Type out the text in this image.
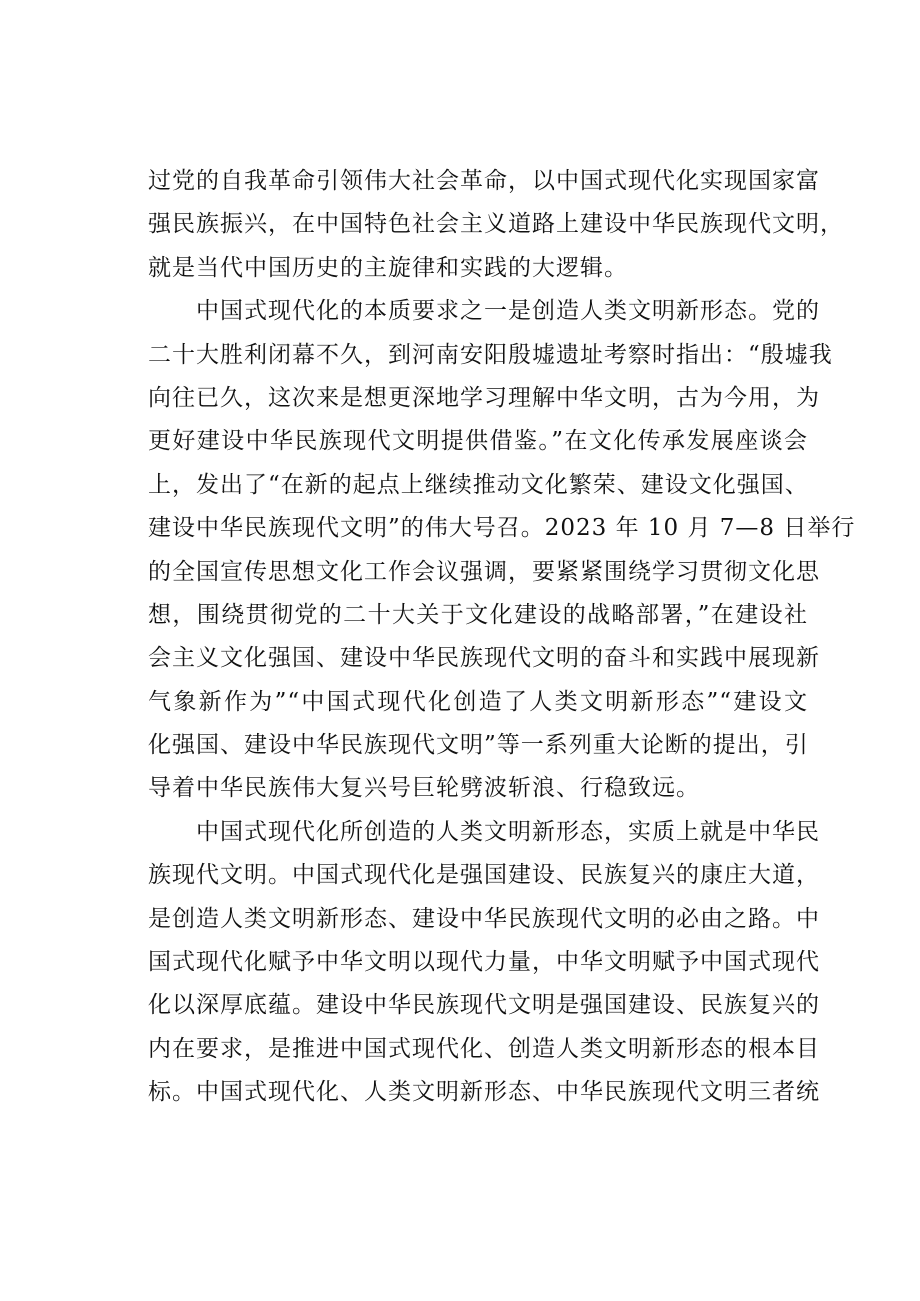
过党的自我革命引领伟大社会革命，以中国式现代化实现国家富
强民族振兴，在中国特色社会主义道路上建设中华民族现代文明，
就是当代中国历史的主旋律和实践的大逻辑。
　　中国式现代化的本质要求之一是创造人类文明新形态。党的
二十大胜利闭幕不久，到河南安阳殷墟遗址考察时指出：“殷墟我
向往已久，这次来是想更深地学习理解中华文明，古为今用，为
更好建设中华民族现代文明提供借鉴。”在文化传承发展座谈会
上，发出了“在新的起点上继续推动文化繁荣、建设文化强国、
建设中华民族现代文明”的伟大号召。2023 年 10 月 7—8 日举行
的全国宣传思想文化工作会议强调，要紧紧围绕学习贯彻文化思
想，围绕贯彻党的二十大关于文化建设的战略部署，”在建设社
会主义文化强国、建设中华民族现代文明的奋斗和实践中展现新
气象新作为”“中国式现代化创造了人类文明新形态”“建设文
化强国、建设中华民族现代文明”等一系列重大论断的提出，引
导着中华民族伟大复兴号巨轮劈波斩浪、行稳致远。
　　中国式现代化所创造的人类文明新形态，实质上就是中华民
族现代文明。中国式现代化是强国建设、民族复兴的康庄大道，
是创造人类文明新形态、建设中华民族现代文明的必由之路。中
国式现代化赋予中华文明以现代力量，中华文明赋予中国式现代
化以深厚底蕴。建设中华民族现代文明是强国建设、民族复兴的
内在要求，是推进中国式现代化、创造人类文明新形态的根本目
标。中国式现代化、人类文明新形态、中华民族现代文明三者统
